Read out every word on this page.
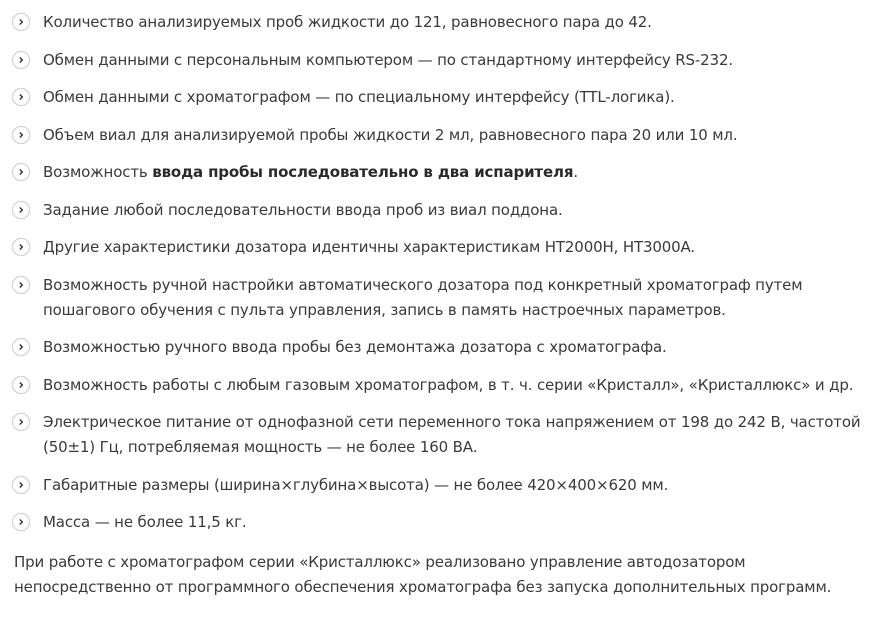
Количество анализируемых проб жидкости до 121, равновесного пара до 42.
Обмен данными с персональным компьютером — по стандартному интерфейсу RS-232.
Обмен данными с хроматографом — по специальному интерфейсу (TTL-логика).
Объем виал для анализируемой пробы жидкости 2 мл, равновесного пара 20 или 10 мл.
Возможность ввода пробы последовательно в два испарителя.
Задание любой последовательности ввода проб из виал поддона.
Другие характеристики дозатора идентичны характеристикам HT2000H, HT3000A.
Возможность ручной настройки автоматического дозатора под конкретный хроматограф путем пошагового обучения с пульта управления, запись в память настроечных параметров.
Возможностью ручного ввода пробы без демонтажа дозатора с хроматографа.
Возможность работы с любым газовым хроматографом, в т. ч. серии «Кристалл», «Кристаллюкс» и др.
Электрическое питание от однофазной сети переменного тока напряжением от 198 до 242 В, частотой (50±1) Гц, потребляемая мощность — не более 160 ВА.
Габаритные размеры (ширина×глубина×высота) — не более 420×400×620 мм.
Масса — не более 11,5 кг.

При работе с хроматографом серии «Кристаллюкс» реализовано управление автодозатором непосредственно от программного обеспечения хроматографа без запуска дополнительных программ.
